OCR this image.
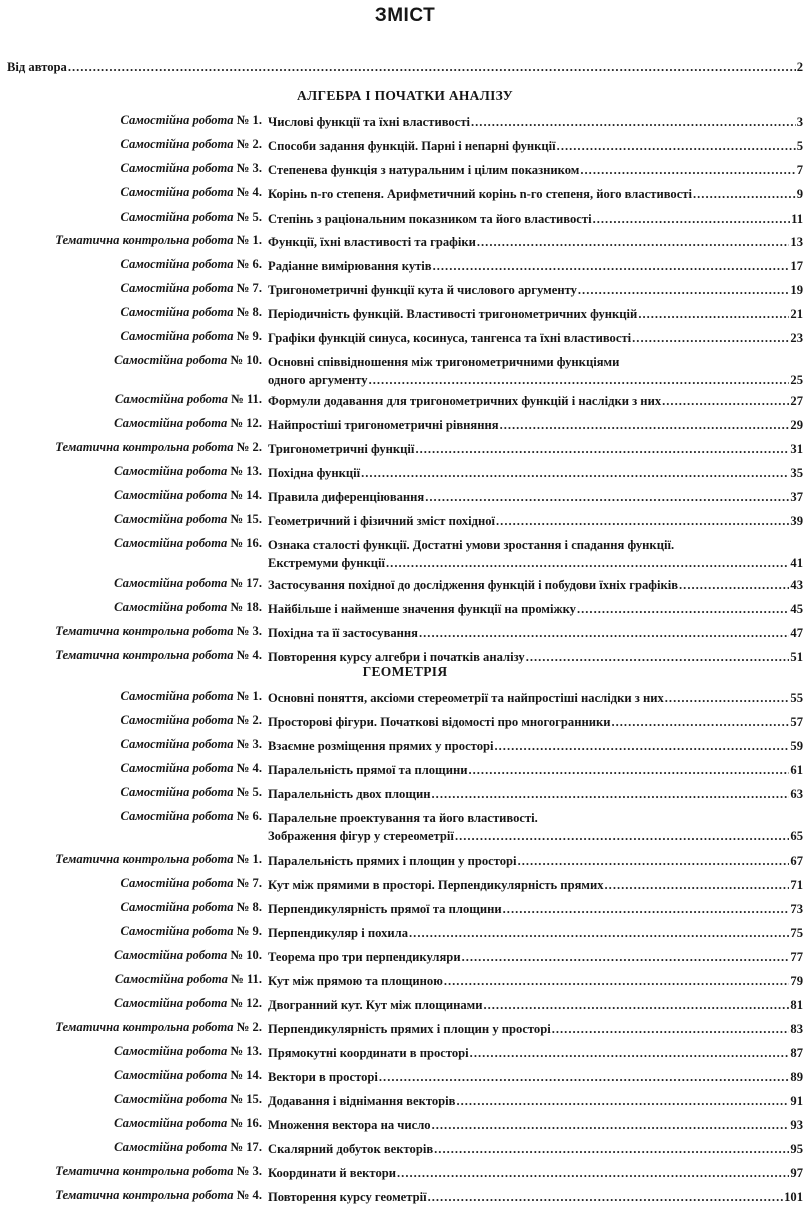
ЗМІСТ
Від автора .....	2
АЛГЕБРА І ПОЧАТКИ АНАЛІЗУ
Самостійна робота № 1. Числові функції та їхні властивості .....	3
Самостійна робота № 2. Способи задання функцій. Парні і непарні функції .....	5
Самостійна робота № 3. Степенева функція з натуральним і цілим показником .....	7
Самостійна робота № 4. Корінь n-го степеня. Арифметичний корінь n-го степеня, його властивості .....	9
Самостійна робота № 5. Степінь з раціональним показником та його властивості .....	11
Тематична контрольна робота № 1. Функції, їхні властивості та графіки .....	13
Самостійна робота № 6. Радіанне вимірювання кутів .....	17
Самостійна робота № 7. Тригонометричні функції кута й числового аргументу .....	19
Самостійна робота № 8. Періодичність функцій. Властивості тригонометричних функцій .....	21
Самостійна робота № 9. Графіки функцій синуса, косинуса, тангенса та їхні властивості .....	23
Самостійна робота № 10. Основні співвідношення між тригонометричними функціями
одного аргументу .....	25
Самостійна робота № 11. Формули додавання для тригонометричних функцій і наслідки з них .....	27
Самостійна робота № 12. Найпростіші тригонометричні рівняння .....	29
Тематична контрольна робота № 2. Тригонометричні функції .....	31
Самостійна робота № 13. Похідна функції .....	35
Самостійна робота № 14. Правила диференціювання .....	37
Самостійна робота № 15. Геометричний і фізичний зміст похідної .....	39
Самостійна робота № 16. Ознака сталості функції. Достатні умови зростання і спадання функції.
Екстремуми функції .....	41
Самостійна робота № 17. Застосування похідної до дослідження функцій і побудови їхніх графіків .....	43
Самостійна робота № 18. Найбільше і найменше значення функції на проміжку .....	45
Тематична контрольна робота № 3. Похідна та її застосування .....	47
Тематична контрольна робота № 4. Повторення курсу алгебри і початків аналізу .....	51
ГЕОМЕТРІЯ
Самостійна робота № 1. Основні поняття, аксіоми стереометрії та найпростіші наслідки з них .....	55
Самостійна робота № 2. Просторові фігури. Початкові відомості про многогранники .....	57
Самостійна робота № 3. Взаємне розміщення прямих у просторі .....	59
Самостійна робота № 4. Паралельність прямої та площини .....	61
Самостійна робота № 5. Паралельність двох площин .....	63
Самостійна робота № 6. Паралельне проектування та його властивості.
Зображення фігур у стереометрії .....	65
Тематична контрольна робота № 1. Паралельність прямих і площин у просторі .....	67
Самостійна робота № 7. Кут між прямими в просторі. Перпендикулярність прямих .....	71
Самостійна робота № 8. Перпендикулярність прямої та площини .....	73
Самостійна робота № 9. Перпендикуляр і похила .....	75
Самостійна робота № 10. Теорема про три перпендикуляри .....	77
Самостійна робота № 11. Кут між прямою та площиною .....	79
Самостійна робота № 12. Двогранний кут. Кут між площинами .....	81
Тематична контрольна робота № 2. Перпендикулярність прямих і площин у просторі .....	83
Самостійна робота № 13. Прямокутні координати в просторі .....	87
Самостійна робота № 14. Вектори в просторі .....	89
Самостійна робота № 15. Додавання і віднімання векторів .....	91
Самостійна робота № 16. Множення вектора на число .....	93
Самостійна робота № 17. Скалярний добуток векторів .....	95
Тематична контрольна робота № 3. Координати й вектори .....	97
Тематична контрольна робота № 4. Повторення курсу геометрії .....	101
